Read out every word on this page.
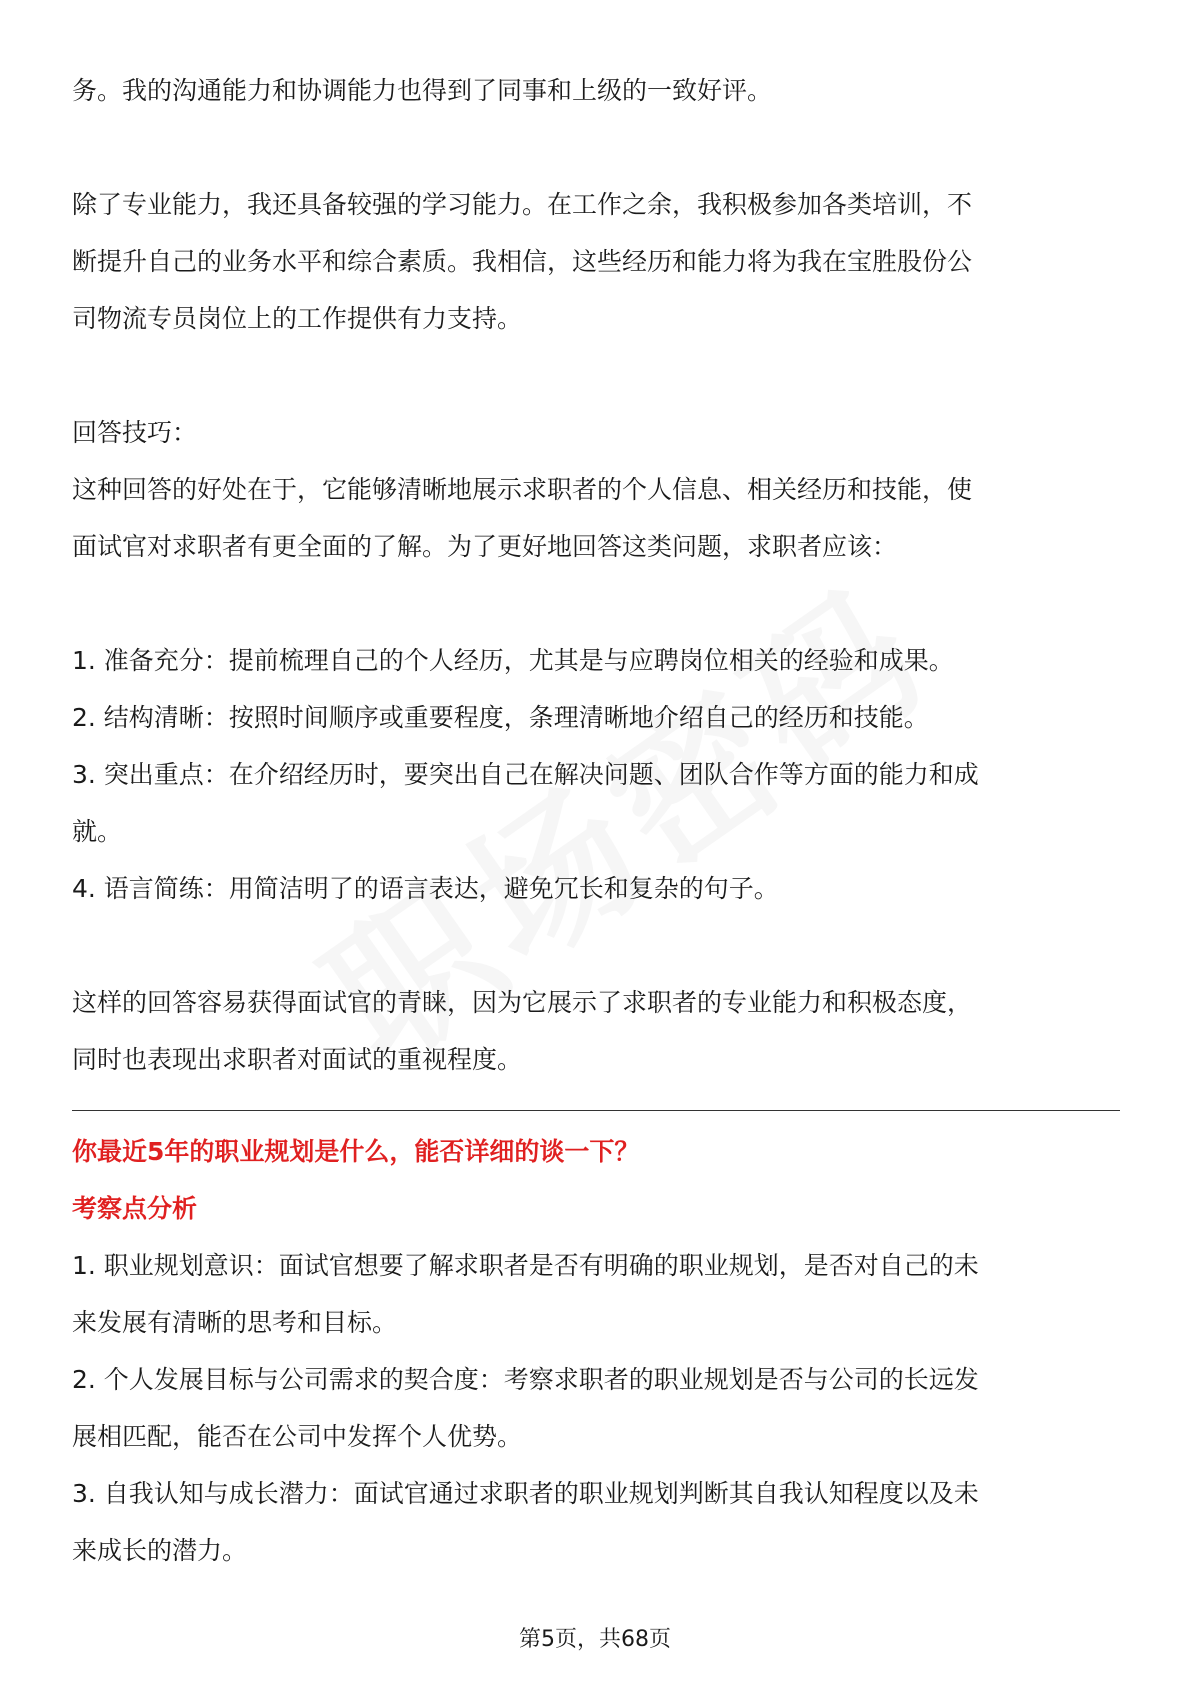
务。我的沟通能力和协调能力也得到了同事和上级的一致好评。

除了专业能力，我还具备较强的学习能力。在工作之余，我积极参加各类培训，不

断提升自己的业务水平和综合素质。我相信，这些经历和能力将为我在宝胜股份公

司物流专员岗位上的工作提供有力支持。

回答技巧：

这种回答的好处在于，它能够清晰地展示求职者的个人信息、相关经历和技能，使

面试官对求职者有更全面的了解。为了更好地回答这类问题，求职者应该：

1. 准备充分：提前梳理自己的个人经历，尤其是与应聘岗位相关的经验和成果。

2. 结构清晰：按照时间顺序或重要程度，条理清晰地介绍自己的经历和技能。

3. 突出重点：在介绍经历时，要突出自己在解决问题、团队合作等方面的能力和成

就。

4. 语言简练：用简洁明了的语言表达，避免冗长和复杂的句子。

这样的回答容易获得面试官的青睐，因为它展示了求职者的专业能力和积极态度，

同时也表现出求职者对面试的重视程度。

你最近5年的职业规划是什么，能否详细的谈一下？

考察点分析

1. 职业规划意识：面试官想要了解求职者是否有明确的职业规划，是否对自己的未

来发展有清晰的思考和目标。

2. 个人发展目标与公司需求的契合度：考察求职者的职业规划是否与公司的长远发

展相匹配，能否在公司中发挥个人优势。

3. 自我认知与成长潜力：面试官通过求职者的职业规划判断其自我认知程度以及未

来成长的潜力。

第5页，共68页
